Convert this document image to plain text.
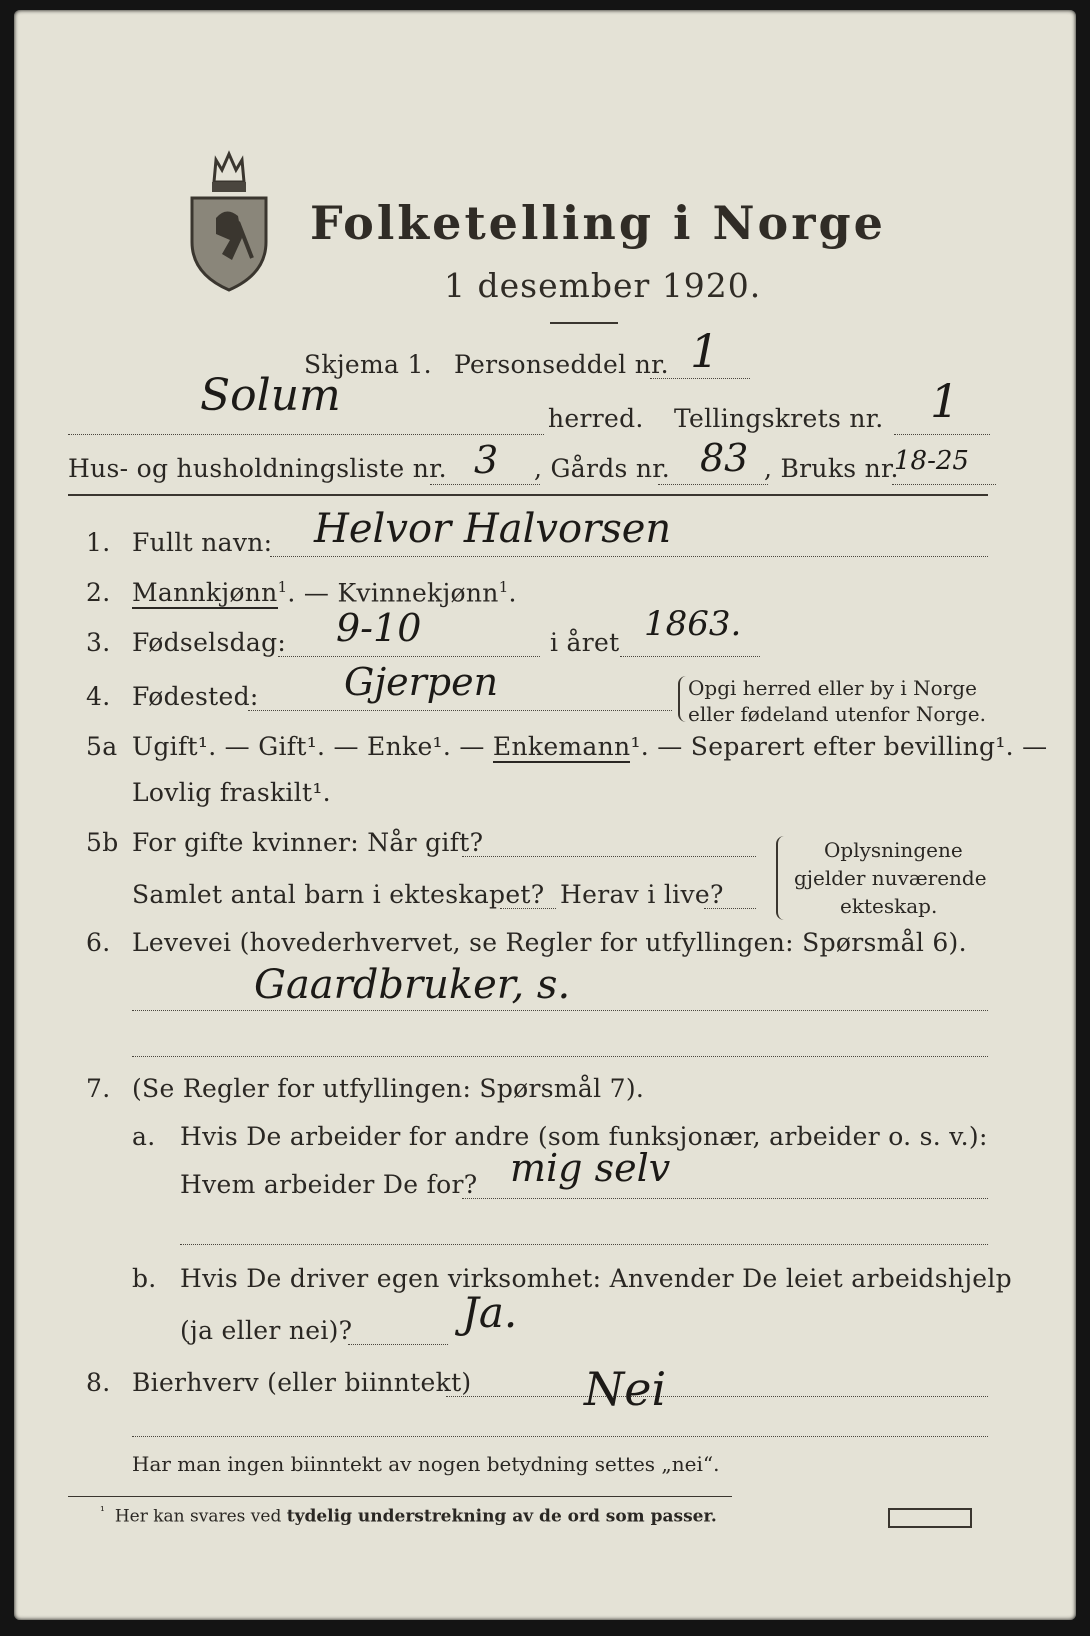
Folketelling i Norge
1 desember 1920.
Skjema 1. Personseddel nr. 1
Solum	herred. Tellingskrets nr. 1
Hus- og husholdningsliste nr. 3 , Gårds nr. 83 , Bruks nr.
18-25
1. Fullt navn: Helvor Halvorsen
2. Mannkjønn$^1$. — Kvinnekjønn$^1$.
3. Fødselsdag: 9-10	i året 1863.
4. Fødested: Gjerpen	Opgi herred eller by i Norge
eller fødeland utenfor Norge.
5a Ugift¹. — Gift¹. — Enke¹. — Enkemann¹. — Separert efter bevilling¹. —
Lovlig fraskilt¹.
5b For gifte kvinner: Når gift?
Samlet antal barn i ekteskapet? Herav i live?
Oplysningene
gjelder nuværende
ekteskap.
6. Levevei (hovederhvervet, se Regler for utfyllingen: Spørsmål 6).
Gaardbruker, s.
7. (Se Regler for utfyllingen: Spørsmål 7).
a. Hvis De arbeider for andre (som funksjonær, arbeider o. s. v.):
Hvem arbeider De for? mig selv
b. Hvis De driver egen virksomhet: Anvender De leiet arbeidshjelp
(ja eller nei)?	Ja.
8. Bierhverv (eller biinntekt) Nei
Har man ingen biinntekt av nogen betydning settes „nei“.
$^{^1}$ Her kan svares ved tydelig understrekning av de ord som passer.
